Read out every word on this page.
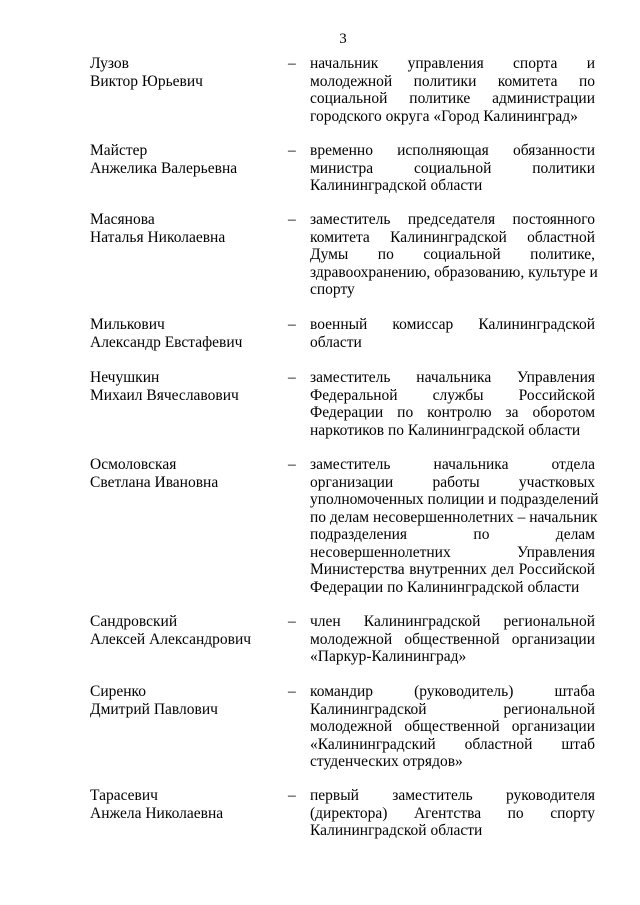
3
Лузов
Виктор Юрьевич
– начальник управления спорта и
молодежной политики комитета по
социальной политике администрации
городского округа «Город Калининград»
Майстер
Анжелика Валерьевна
– временно исполняющая обязанности
министра социальной политики
Калининградской области
Масянова
Наталья Николаевна
– заместитель председателя постоянного
комитета Калининградской областной
Думы по социальной политике,
здравоохранению, образованию, культуре и
спорту
Милькович
Александр Евстафевич
– военный комиссар Калининградской
области
Нечушкин
Михаил Вячеславович
– заместитель начальника Управления
Федеральной службы Российской
Федерации по контролю за оборотом
наркотиков по Калининградской области
Осмоловская
Светлана Ивановна
– заместитель начальника отдела
организации работы участковых
уполномоченных полиции и подразделений
по делам несовершеннолетних – начальник
подразделения по делам
несовершеннолетних Управления
Министерства внутренних дел Российской
Федерации по Калининградской области
Сандровский
Алексей Александрович
– член Калининградской региональной
молодежной общественной организации
«Паркур-Калининград»
Сиренко
Дмитрий Павлович
– командир (руководитель) штаба
Калининградской региональной
молодежной общественной организации
«Калининградский областной штаб
студенческих отрядов»
Тарасевич
Анжела Николаевна
– первый заместитель руководителя
(директора) Агентства по спорту
Калининградской области
